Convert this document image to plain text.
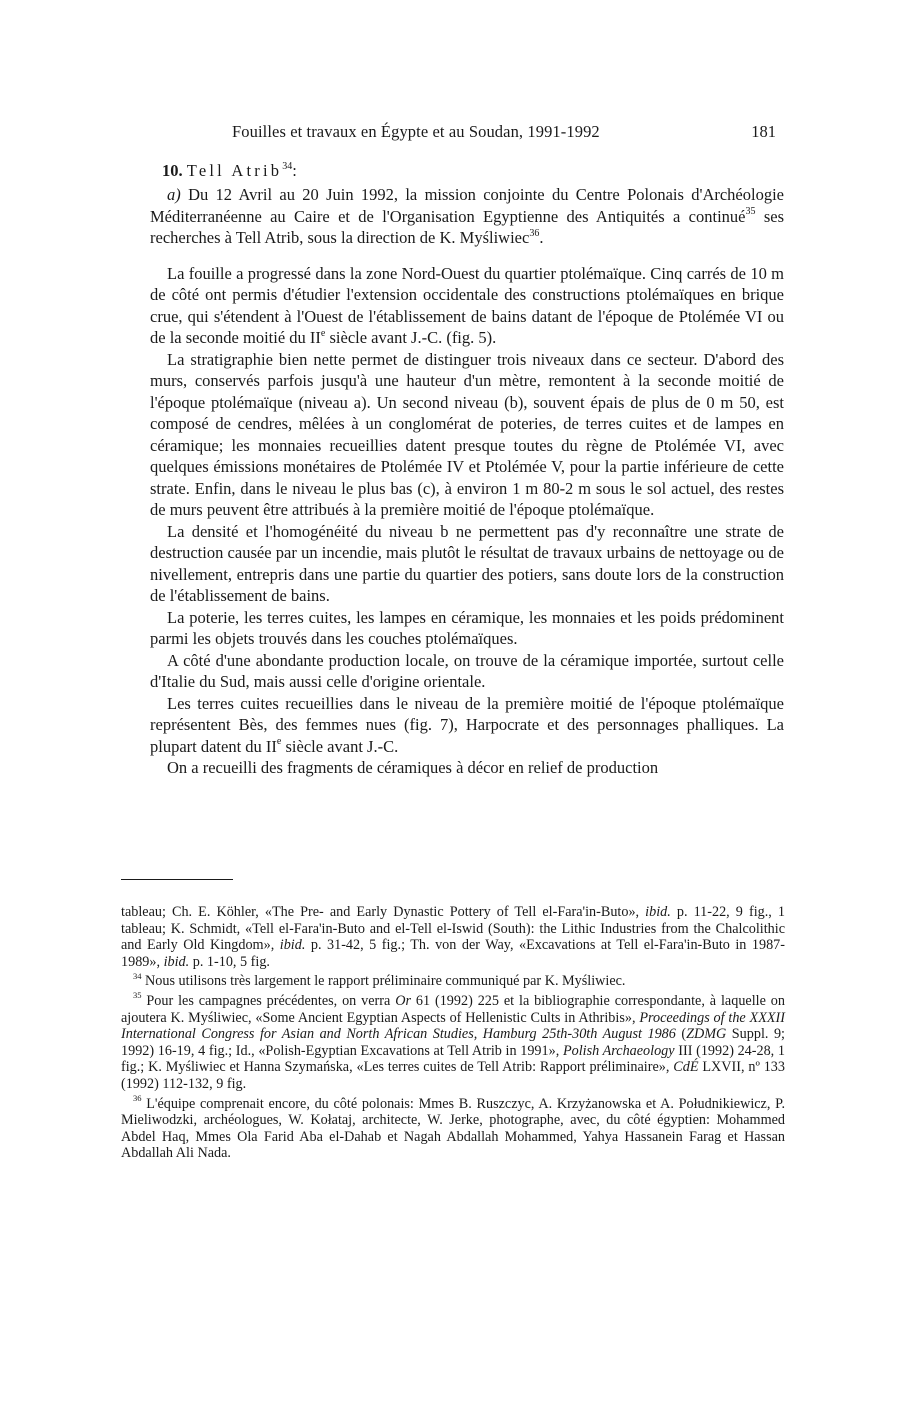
Fouilles et travaux en Égypte et au Soudan, 1991-1992	181
10. Tell Atrib$^{34}$:

a) Du 12 Avril au 20 Juin 1992, la mission conjointe du Centre Polonais d'Archéologie Méditerranéenne au Caire et de l'Organisation Egyptienne des Antiquités a continué$^{35}$ ses recherches à Tell Atrib, sous la direction de K. Myśliwiec$^{36}$.

La fouille a progressé dans la zone Nord-Ouest du quartier ptolémaïque. Cinq carrés de 10 m de côté ont permis d'étudier l'extension occidentale des constructions ptolémaïques en brique crue, qui s'étendent à l'Ouest de l'établissement de bains datant de l'époque de Ptolémée VI ou de la seconde moitié du IIe siècle avant J.-C. (fig. 5).

La stratigraphie bien nette permet de distinguer trois niveaux dans ce secteur. D'abord des murs, conservés parfois jusqu'à une hauteur d'un mètre, remontent à la seconde moitié de l'époque ptolémaïque (niveau a). Un second niveau (b), souvent épais de plus de 0 m 50, est composé de cendres, mêlées à un conglomérat de poteries, de terres cuites et de lampes en céramique; les monnaies recueillies datent presque toutes du règne de Ptolémée VI, avec quelques émissions monétaires de Ptolémée IV et Ptolémée V, pour la partie inférieure de cette strate. Enfin, dans le niveau le plus bas (c), à environ 1 m 80-2 m sous le sol actuel, des restes de murs peuvent être attribués à la première moitié de l'époque ptolémaïque.

La densité et l'homogénéité du niveau b ne permettent pas d'y reconnaître une strate de destruction causée par un incendie, mais plutôt le résultat de travaux urbains de nettoyage ou de nivellement, entrepris dans une partie du quartier des potiers, sans doute lors de la construction de l'établissement de bains.

La poterie, les terres cuites, les lampes en céramique, les monnaies et les poids prédominent parmi les objets trouvés dans les couches ptolémaïques.

A côté d'une abondante production locale, on trouve de la céramique importée, surtout celle d'Italie du Sud, mais aussi celle d'origine orientale.

Les terres cuites recueillies dans le niveau de la première moitié de l'époque ptolémaïque représentent Bès, des femmes nues (fig. 7), Harpocrate et des personnages phalliques. La plupart datent du IIe siècle avant J.-C.

On a recueilli des fragments de céramiques à décor en relief de production

tableau; Ch. E. Köhler, «The Pre- and Early Dynastic Pottery of Tell el-Fara'in-Buto», ibid. p. 11-22, 9 fig., 1 tableau; K. Schmidt, «Tell el-Fara'in-Buto and el-Tell el-Iswid (South): the Lithic Industries from the Chalcolithic and Early Old Kingdom», ibid. p. 31-42, 5 fig.; Th. von der Way, «Excavations at Tell el-Fara'in-Buto in 1987-1989», ibid. p. 1-10, 5 fig.

$^{34}$ Nous utilisons très largement le rapport préliminaire communiqué par K. Myśliwiec.

$^{35}$ Pour les campagnes précédentes, on verra Or 61 (1992) 225 et la bibliographie correspondante, à laquelle on ajoutera K. Myśliwiec, «Some Ancient Egyptian Aspects of Hellenistic Cults in Athribis», Proceedings of the XXXII International Congress for Asian and North African Studies, Hamburg 25th-30th August 1986 (ZDMG Suppl. 9; 1992) 16-19, 4 fig.; Id., «Polish-Egyptian Excavations at Tell Atrib in 1991», Polish Archaeology III (1992) 24-28, 1 fig.; K. Myśliwiec et Hanna Szymańska, «Les terres cuites de Tell Atrib: Rapport préliminaire», CdÉ LXVII, nº 133 (1992) 112-132, 9 fig.

$^{36}$ L'équipe comprenait encore, du côté polonais: Mmes B. Ruszczyc, A. Krzyżanowska et A. Południkiewicz, P. Mieliwodzki, archéologues, W. Kołataj, architecte, W. Jerke, photographe, avec, du côté égyptien: Mohammed Abdel Haq, Mmes Ola Farid Aba el-Dahab et Nagah Abdallah Mohammed, Yahya Hassanein Farag et Hassan Abdallah Ali Nada.
